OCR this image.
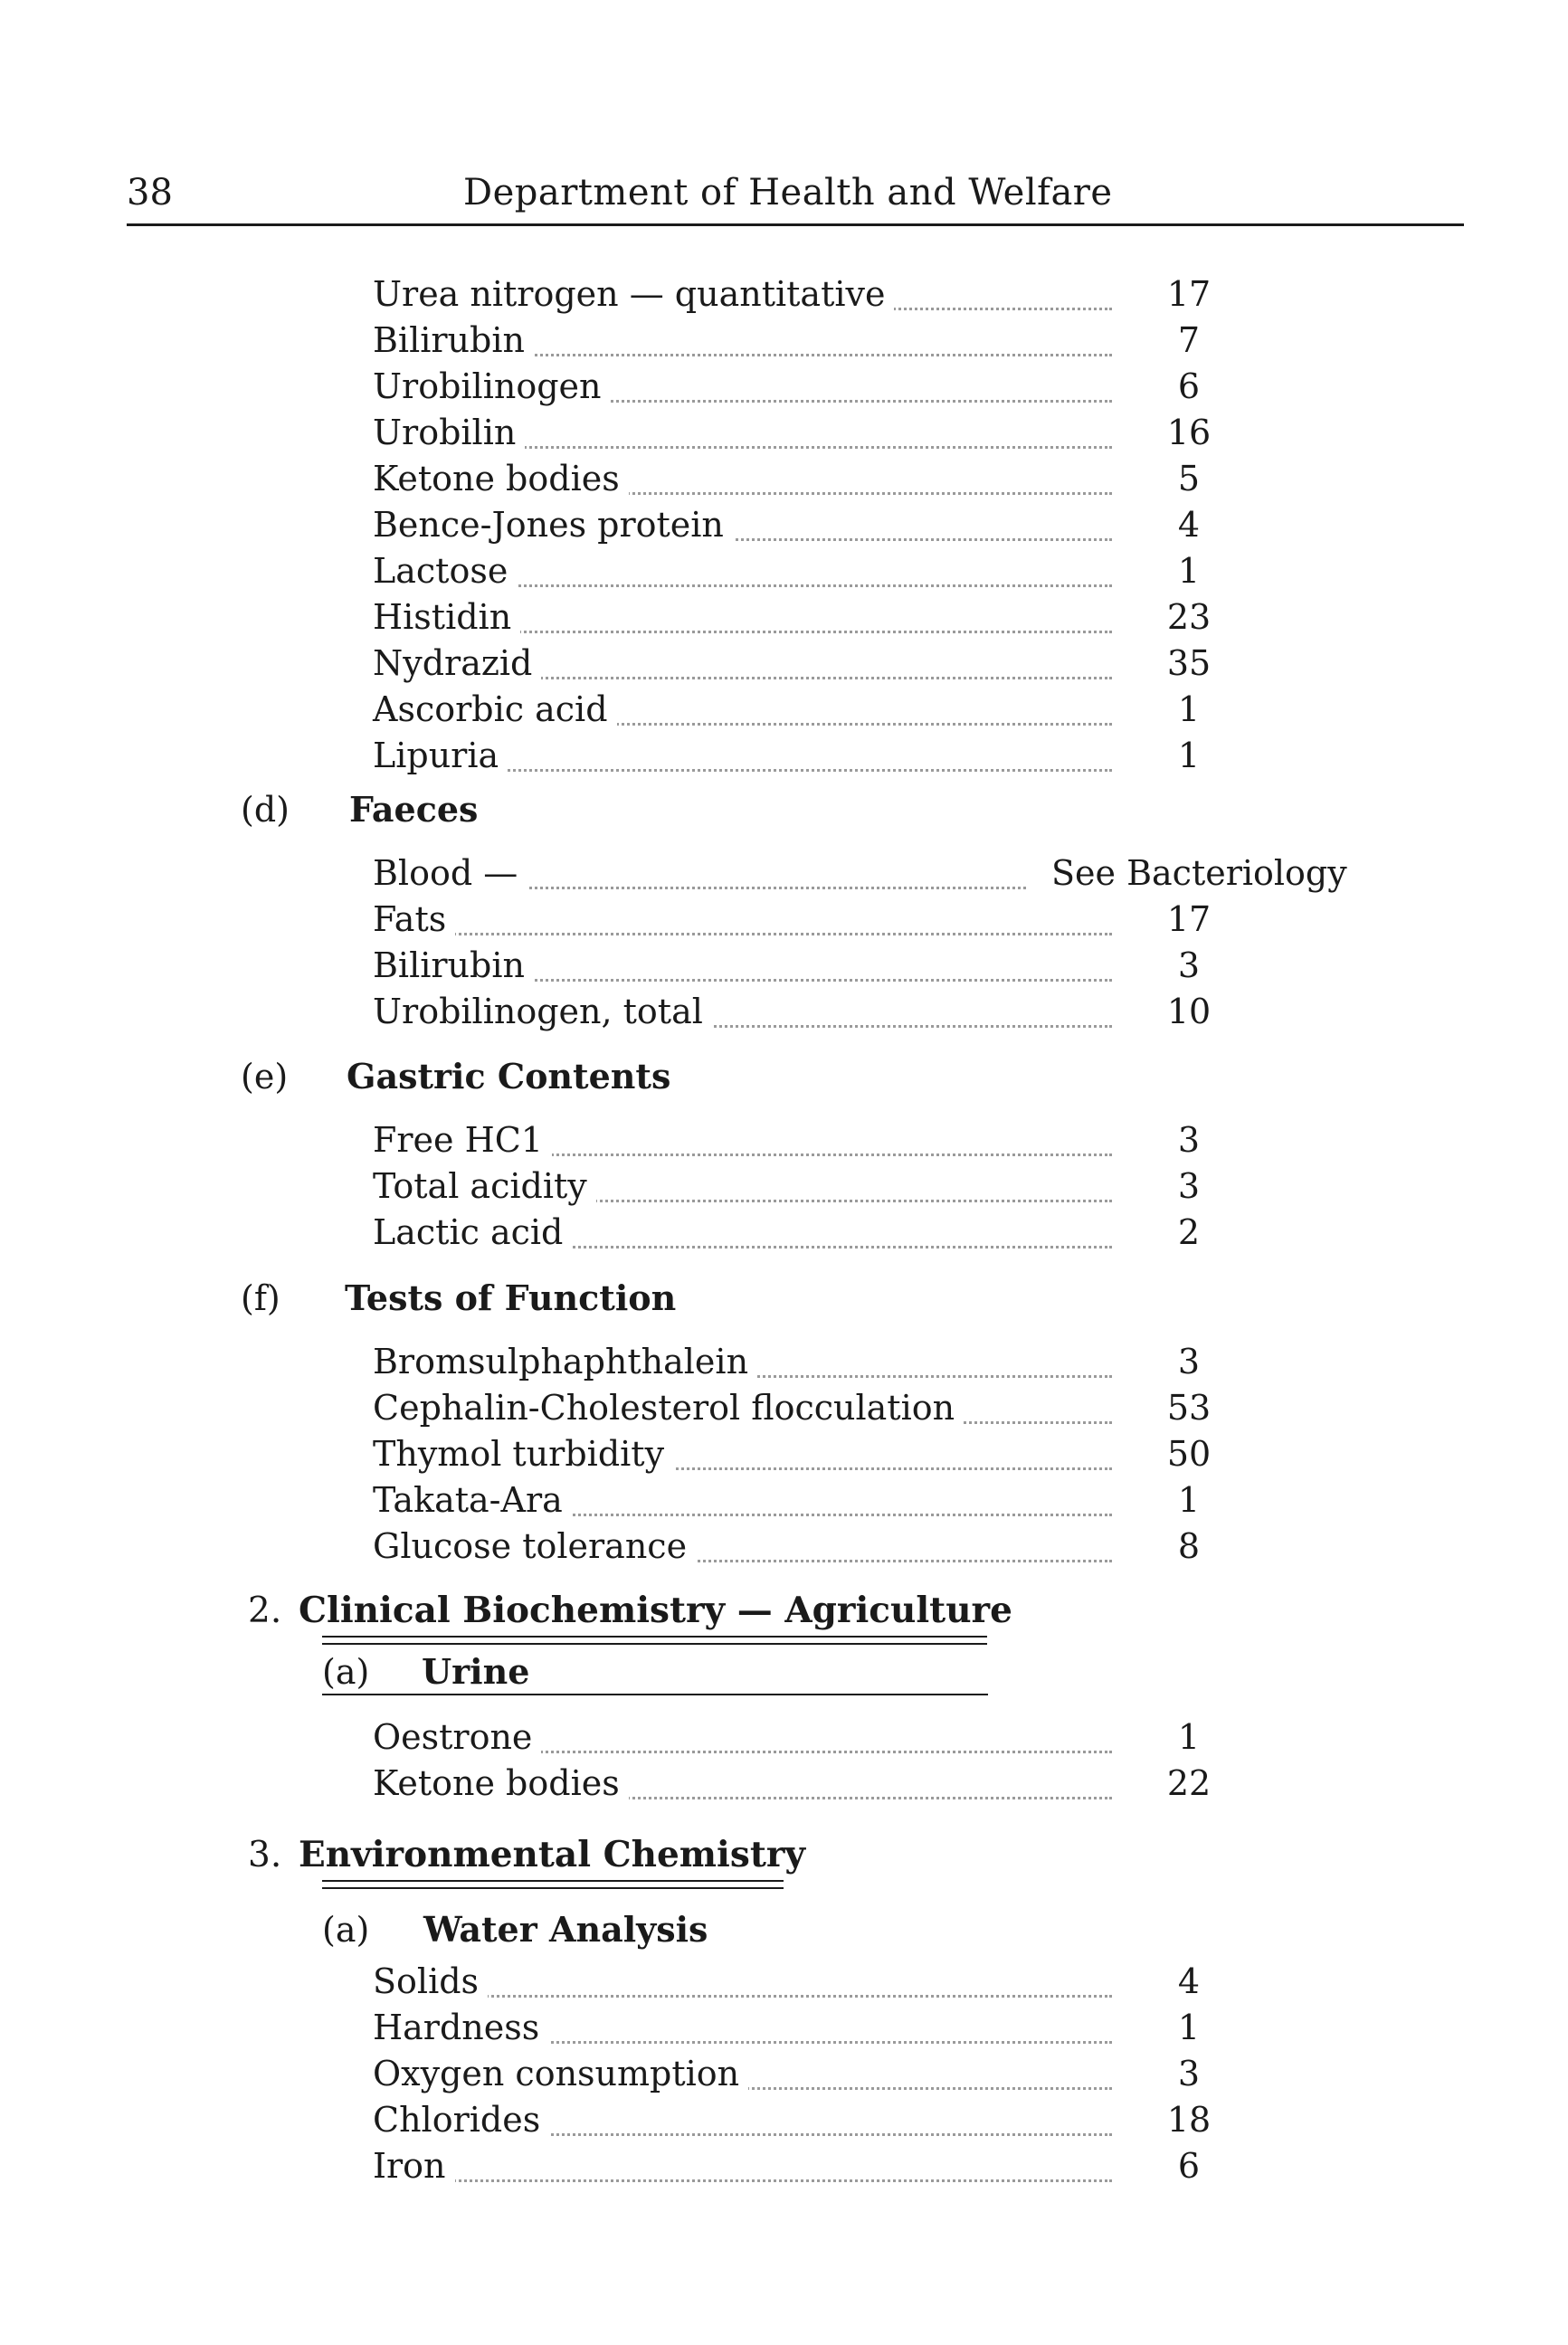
38	Department of Health and Welfare
(d) Faeces
(e) Gastric Contents
(f) Tests of Function
2. Clinical Biochemistry — Agriculture
(a) Urine
3. Environmental Chemistry
(a) Water Analysis
Urea nitrogen — quantitative	17
Bilirubin	7
Urobilinogen	6
Urobilin	16
Ketone bodies	5
Bence-Jones protein	4
Lactose	1
Histidin	23
Nydrazid	35
Ascorbic acid	1
Lipuria	1
Blood —	See Bacteriology
Fats	17
Bilirubin	3
Urobilinogen, total	10
Free HC1	3
Total acidity	3
Lactic acid	2
Bromsulphaphthalein	3
Cephalin-Cholesterol flocculation	53
Thymol turbidity	50
Takata-Ara	1
Glucose tolerance	8
Oestrone	1
Ketone bodies	22
Solids	4
Hardness	1
Oxygen consumption	3
Chlorides	18
Iron	6
